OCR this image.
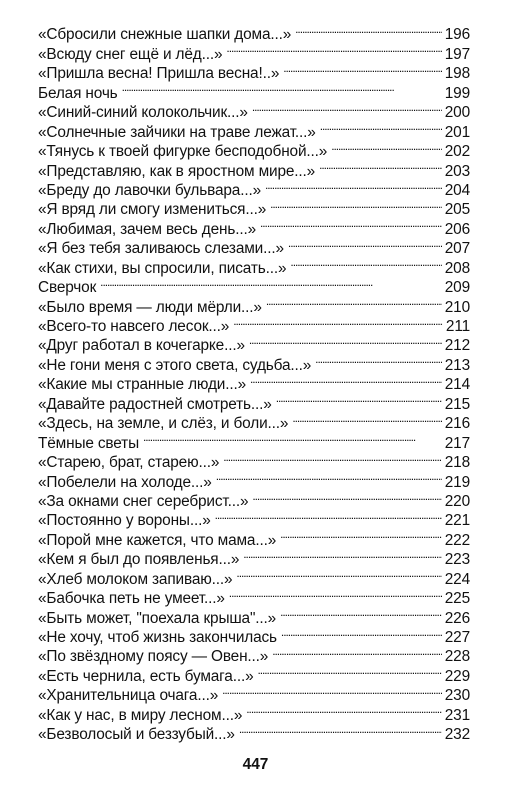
«Сбросили снежные шапки дома...» . . .	196
«Всюду снег ещё и лёд...» . . .	197
«Пришла весна! Пришла весна!..» . . .	198
Белая ночь . . .	199
«Синий-синий колокольчик...» . . .	200
«Солнечные зайчики на траве лежат...» . . .	201
«Тянусь к твоей фигурке бесподобной...» . . .	202
«Представляю, как в яростном мире...» . . .	203
«Бреду до лавочки бульвара...» . . .	204
«Я вряд ли смогу измениться...» . . .	205
«Любимая, зачем весь день...» . . .	206
«Я без тебя заливаюсь слезами...» . . .	207
«Как стихи, вы спросили, писать...» . . .	208
Сверчок . . .	209
«Было время — люди мёрли...» . . .	210
«Всего-то навсего лесок...» . . .	211
«Друг работал в кочегарке...» . . .	212
«Не гони меня с этого света, судьба...» . . .	213
«Какие мы странные люди...» . . .	214
«Давайте радостней смотреть...» . . .	215
«Здесь, на земле, и слёз, и боли...» . . .	216
Тёмные светы . . .	217
«Старею, брат, старею...» . . .	218
«Побелели на холоде...» . . .	219
«За окнами снег серебрист...» . . .	220
«Постоянно у вороны...» . . .	221
«Порой мне кажется, что мама...» . . .	222
«Кем я был до появленья...» . . .	223
«Хлеб молоком запиваю...» . . .	224
«Бабочка петь не умеет...» . . .	225
«Быть может, "поехала крыша"...» . . .	226
«Не хочу, чтоб жизнь закончилась . . .	227
«По звёздному поясу — Овен...» . . .	228
«Есть чернила, есть бумага...» . . .	229
«Хранительница очага...» . . .	230
«Как у нас, в миру лесном...» . . .	231
«Безволосый и беззубый...» . . .	232
447
